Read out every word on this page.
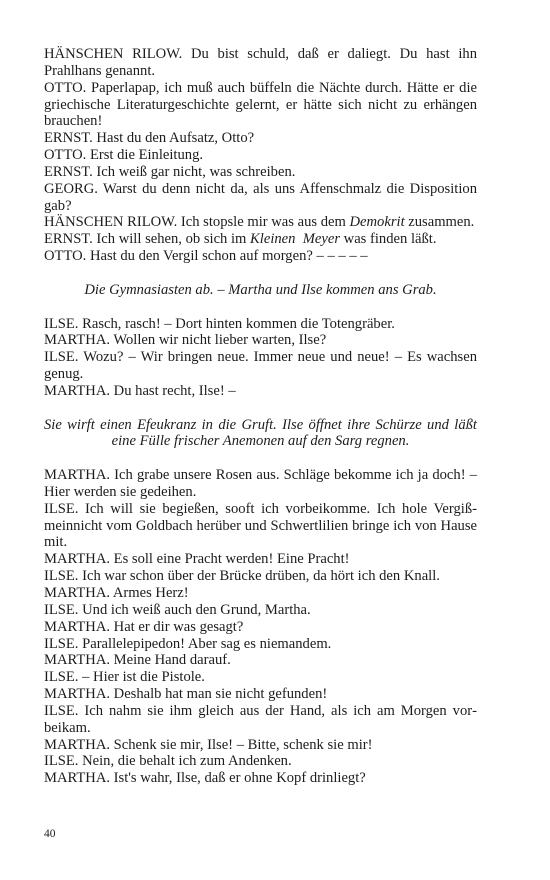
HÄNSCHEN RILOW. Du bist schuld, daß er daliegt. Du hast ihn Prahlhans genannt.

OTTO. Paperlapap, ich muß auch büffeln die Nächte durch. Hätte er die griechische Literaturgeschichte gelernt, er hätte sich nicht zu erhängen brauchen!

ERNST. Hast du den Aufsatz, Otto?

OTTO. Erst die Einleitung.

ERNST. Ich weiß gar nicht, was schreiben.

GEORG. Warst du denn nicht da, als uns Affenschmalz die Disposition gab?

HÄNSCHEN RILOW. Ich stopsle mir was aus dem Demokrit zusammen.

ERNST. Ich will sehen, ob sich im Kleinen  Meyer was finden läßt.

OTTO. Hast du den Vergil schon auf morgen? – – – – –

Die Gymnasiasten ab. – Martha und Ilse kommen ans Grab.

ILSE. Rasch, rasch! – Dort hinten kommen die Totengräber.

MARTHA. Wollen wir nicht lieber warten, Ilse?

ILSE. Wozu? – Wir bringen neue. Immer neue und neue! – Es wachsen genug.

MARTHA. Du hast recht, Ilse! –

Sie wirft einen Efeukranz in die Gruft. Ilse öffnet ihre Schürze und läßt eine Fülle frischer Anemonen auf den Sarg regnen.

MARTHA. Ich grabe unsere Rosen aus. Schläge bekomme ich ja doch! – Hier werden sie gedeihen.

ILSE. Ich will sie begießen, sooft ich vorbeikomme. Ich hole Vergißmeinnicht vom Goldbach herüber und Schwertlilien bringe ich von Hause mit.

MARTHA. Es soll eine Pracht werden! Eine Pracht!

ILSE. Ich war schon über der Brücke drüben, da hört ich den Knall.

MARTHA. Armes Herz!

ILSE. Und ich weiß auch den Grund, Martha.

MARTHA. Hat er dir was gesagt?

ILSE. Parallelepipedon! Aber sag es niemandem.

MARTHA. Meine Hand darauf.

ILSE. – Hier ist die Pistole.

MARTHA. Deshalb hat man sie nicht gefunden!

ILSE. Ich nahm sie ihm gleich aus der Hand, als ich am Morgen vorbeikam.

MARTHA. Schenk sie mir, Ilse! – Bitte, schenk sie mir!

ILSE. Nein, die behalt ich zum Andenken.

MARTHA. Ist's wahr, Ilse, daß er ohne Kopf drinliegt?

40
